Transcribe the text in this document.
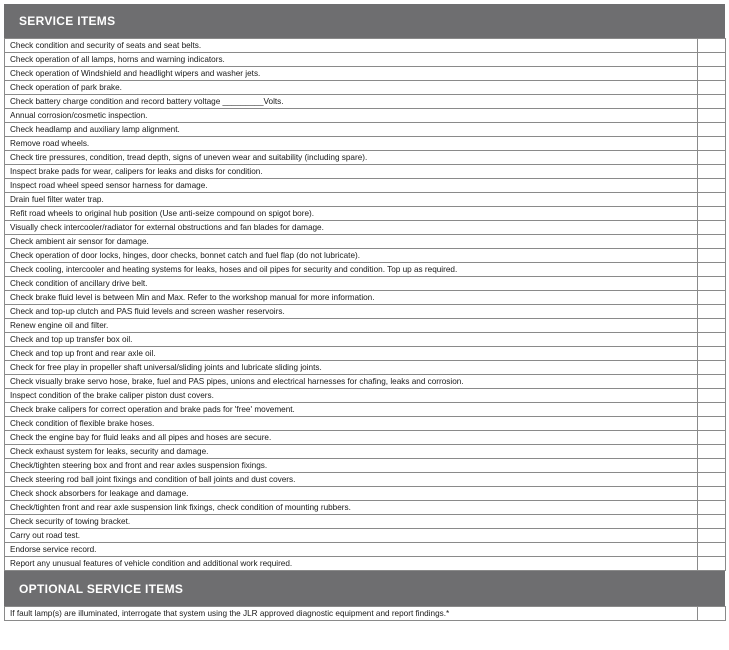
SERVICE ITEMS
Check condition and security of seats and seat belts.	
Check operation of all lamps, horns and warning indicators.	
Check operation of Windshield and headlight wipers and washer jets.	
Check operation of park brake.	
Check battery charge condition and record battery voltage _________Volts.	
Annual corrosion/cosmetic inspection.	
Check headlamp and auxiliary lamp alignment.	
Remove road wheels.	
Check tire pressures, condition, tread depth, signs of uneven wear and suitability (including spare).	
Inspect brake pads for wear, calipers for leaks and disks for condition.	
Inspect road wheel speed sensor harness for damage.	
Drain fuel filter water trap.	
Refit road wheels to original hub position (Use anti-seize compound on spigot bore).	
Visually check intercooler/radiator for external obstructions and fan blades for damage.	
Check ambient air sensor for damage.	
Check operation of door locks, hinges, door checks, bonnet catch and fuel flap (do not lubricate).	
Check cooling, intercooler and heating systems for leaks, hoses and oil pipes for security and condition. Top up as required.	
Check condition of ancillary drive belt.	
Check brake fluid level is between Min and Max. Refer to the workshop manual for more information.	
Check and top-up clutch and PAS fluid levels and screen washer reservoirs.	
Renew engine oil and filter.	
Check and top up transfer box oil.	
Check and top up front and rear axle oil.	
Check for free play in propeller shaft universal/sliding joints and lubricate sliding joints.	
Check visually brake servo hose, brake, fuel and PAS pipes, unions and electrical harnesses for chafing, leaks and corrosion.	
Inspect condition of the brake caliper piston dust covers.	
Check brake calipers for correct operation and brake pads for 'free' movement.	
Check condition of flexible brake hoses.	
Check the engine bay for fluid leaks and all pipes and hoses are secure.	
Check exhaust system for leaks, security and damage.	
Check/tighten steering box and front and rear axles suspension fixings.	
Check steering rod ball joint fixings and condition of ball joints and dust covers.	
Check shock absorbers for leakage and damage.	
Check/tighten front and rear axle suspension link fixings, check condition of mounting rubbers.	
Check security of towing bracket.	
Carry out road test.	
Endorse service record.	
Report any unusual features of vehicle condition and additional work required.	
OPTIONAL SERVICE ITEMS
If fault lamp(s) are illuminated, interrogate that system using the JLR approved diagnostic equipment and report findings.*	
